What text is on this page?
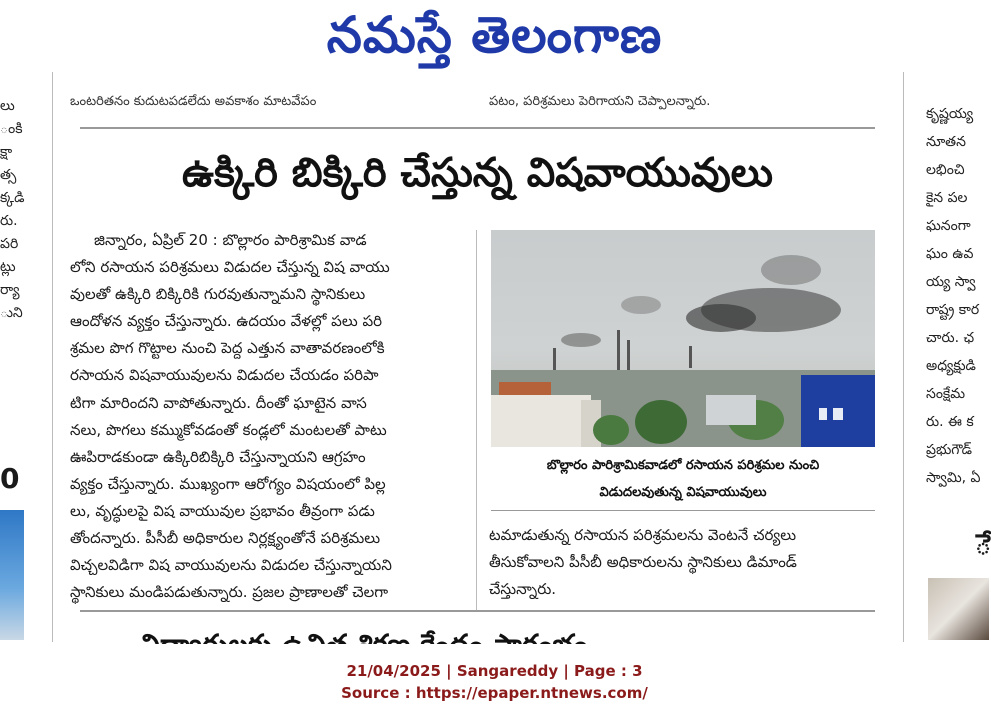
నమస్తే తెలంగాణ
ఒంటరితనం కుదుటపడలేదు అవకాశం మాటవేపం	పటం, పరిశ్రమలు పెరిగాయని చెప్పాలన్నారు.
లు
ంకి
క్షా
త్స
క్కడి
రు.
పరి
ట్లు
ర్యా
ుని
0
కృష్ణయ్య
నూతన
లభించి
కైన పల
ఘనంగా
ఘం ఉవ
య్య స్వా
రాష్ట్ర కార
చారు. ఛ
అధ్యక్షుడి
సంక్షేమ
రు. ఈ క
ప్రభుగౌడ్
స్వామి, ఏ
ే
ఉక్కిరి బిక్కిరి చేస్తున్న విషవాయువులు

జిన్నారం, ఏప్రిల్ 20 : బొల్లారం పారిశ్రామిక వాడ

లోని రసాయన పరిశ్రమలు విడుదల చేస్తున్న విష వాయు

వులతో ఉక్కిరి బిక్కిరికి గురవుతున్నామని స్థానికులు

ఆందోళన వ్యక్తం చేస్తున్నారు. ఉదయం వేళల్లో పలు పరి

శ్రమల పొగ గొట్టాల నుంచి పెద్ద ఎత్తున వాతావరణంలోకి

రసాయన విషవాయువులను విడుదల చేయడం పరిపా

టిగా మారిందని వాపోతున్నారు. దీంతో ఘాటైన వాస

నలు, పొగలు కమ్ముకోవడంతో కండ్లలో మంటలతో పాటు

ఊపిరాడకుండా ఉక్కిరిబిక్కిరి చేస్తున్నాయని ఆగ్రహం

వ్యక్తం చేస్తున్నారు. ముఖ్యంగా ఆరోగ్యం విషయంలో పిల్ల

లు, వృద్ధులపై విష వాయువుల ప్రభావం తీవ్రంగా పడు

తోందన్నారు. పీసీబీ అధికారుల నిర్లక్ష్యంతోనే పరిశ్రమలు

విచ్చలవిడిగా విష వాయువులను విడుదల చేస్తున్నాయని

స్థానికులు మండిపడుతున్నారు. ప్రజల ప్రాణాలతో చెలగా

బొల్లారం పారిశ్రామికవాడలో రసాయన పరిశ్రమల నుంచి
విడుదలవుతున్న విషవాయువులు

టమాడుతున్న రసాయన పరిశ్రమలను వెంటనే చర్యలు

తీసుకోవాలని పీసీబీ అధికారులను స్థానికులు డిమాండ్

చేస్తున్నారు.

21/04/2025 | Sangareddy | Page : 3
Source : https://epaper.ntnews.com/
